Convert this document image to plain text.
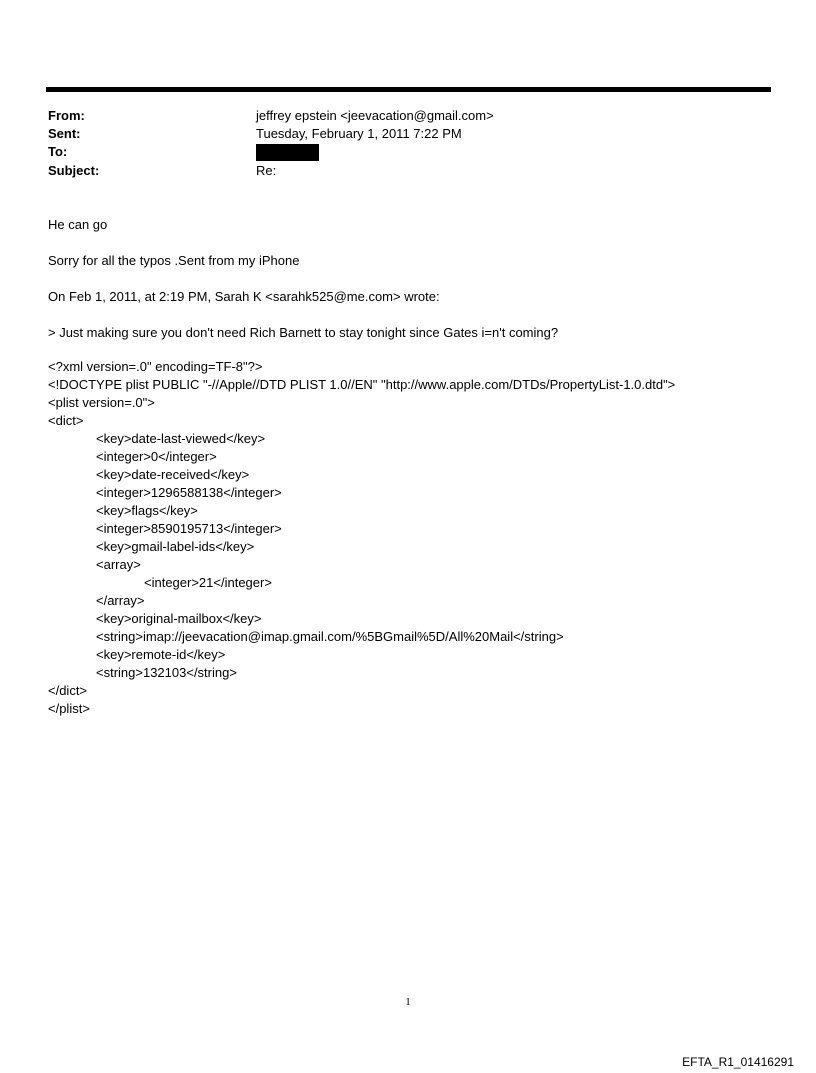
From:	jeffrey epstein <jeevacation@gmail.com>
Sent:	Tuesday, February 1, 2011 7:22 PM
To:
Subject:	Re:
He can go
Sorry for all the typos .Sent from my iPhone
On Feb 1, 2011, at 2:19 PM, Sarah K <sarahk525@me.com> wrote:
> Just making sure you don't need Rich Barnett to stay tonight since Gates i=n't coming?
<?xml version=.0" encoding=TF-8"?>
<!DOCTYPE plist PUBLIC "-//Apple//DTD PLIST 1.0//EN" "http://www.apple.com/DTDs/PropertyList-1.0.dtd">
<plist version=.0">
<dict>
<key>date-last-viewed</key>
<integer>0</integer>
<key>date-received</key>
<integer>1296588138</integer>
<key>flags</key>
<integer>8590195713</integer>
<key>gmail-label-ids</key>
<array>
<integer>21</integer>
</array>
<key>original-mailbox</key>
<string>imap://jeevacation@imap.gmail.com/%5BGmail%5D/All%20Mail</string>
<key>remote-id</key>
<string>132103</string>
</dict>
</plist>
1
EFTA_R1_01416291
